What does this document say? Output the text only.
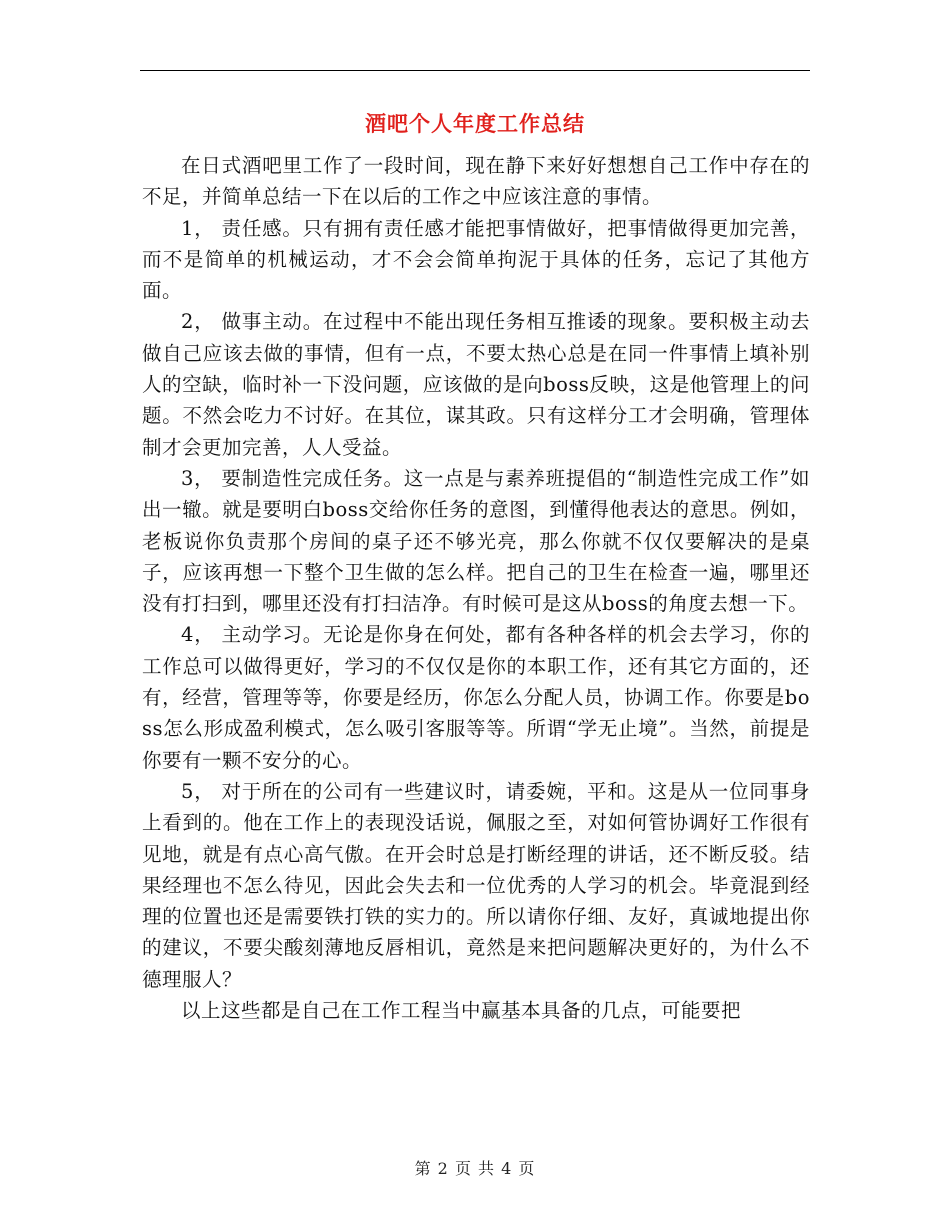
酒吧个人年度工作总结

在日式酒吧里工作了一段时间，现在静下来好好想想自己工作中存在的不足，并简单总结一下在以后的工作之中应该注意的事情。

1， 责任感。只有拥有责任感才能把事情做好，把事情做得更加完善，而不是简单的机械运动，才不会会简单拘泥于具体的任务，忘记了其他方面。

2， 做事主动。在过程中不能出现任务相互推诿的现象。要积极主动去做自己应该去做的事情，但有一点，不要太热心总是在同一件事情上填补别人的空缺，临时补一下没问题，应该做的是向boss反映，这是他管理上的问题。不然会吃力不讨好。在其位，谋其政。只有这样分工才会明确，管理体制才会更加完善，人人受益。

3， 要制造性完成任务。这一点是与素养班提倡的“制造性完成工作”如出一辙。就是要明白boss交给你任务的意图，到懂得他表达的意思。例如，老板说你负责那个房间的桌子还不够光亮，那么你就不仅仅要解决的是桌子，应该再想一下整个卫生做的怎么样。把自己的卫生在检查一遍，哪里还没有打扫到，哪里还没有打扫洁净。有时候可是这从boss的角度去想一下。

4， 主动学习。无论是你身在何处，都有各种各样的机会去学习，你的工作总可以做得更好，学习的不仅仅是你的本职工作，还有其它方面的，还有，经营，管理等等，你要是经历，你怎么分配人员，协调工作。你要是boss怎么形成盈利模式，怎么吸引客服等等。所谓“学无止境”。当然，前提是你要有一颗不安分的心。

5， 对于所在的公司有一些建议时，请委婉，平和。这是从一位同事身上看到的。他在工作上的表现没话说，佩服之至，对如何管协调好工作很有见地，就是有点心高气傲。在开会时总是打断经理的讲话，还不断反驳。结果经理也不怎么待见，因此会失去和一位优秀的人学习的机会。毕竟混到经理的位置也还是需要铁打铁的实力的。所以请你仔细、友好，真诚地提出你的建议，不要尖酸刻薄地反唇相讥，竟然是来把问题解决更好的，为什么不德理服人？

以上这些都是自己在工作工程当中赢基本具备的几点，可能要把

第 2 页 共 4 页
